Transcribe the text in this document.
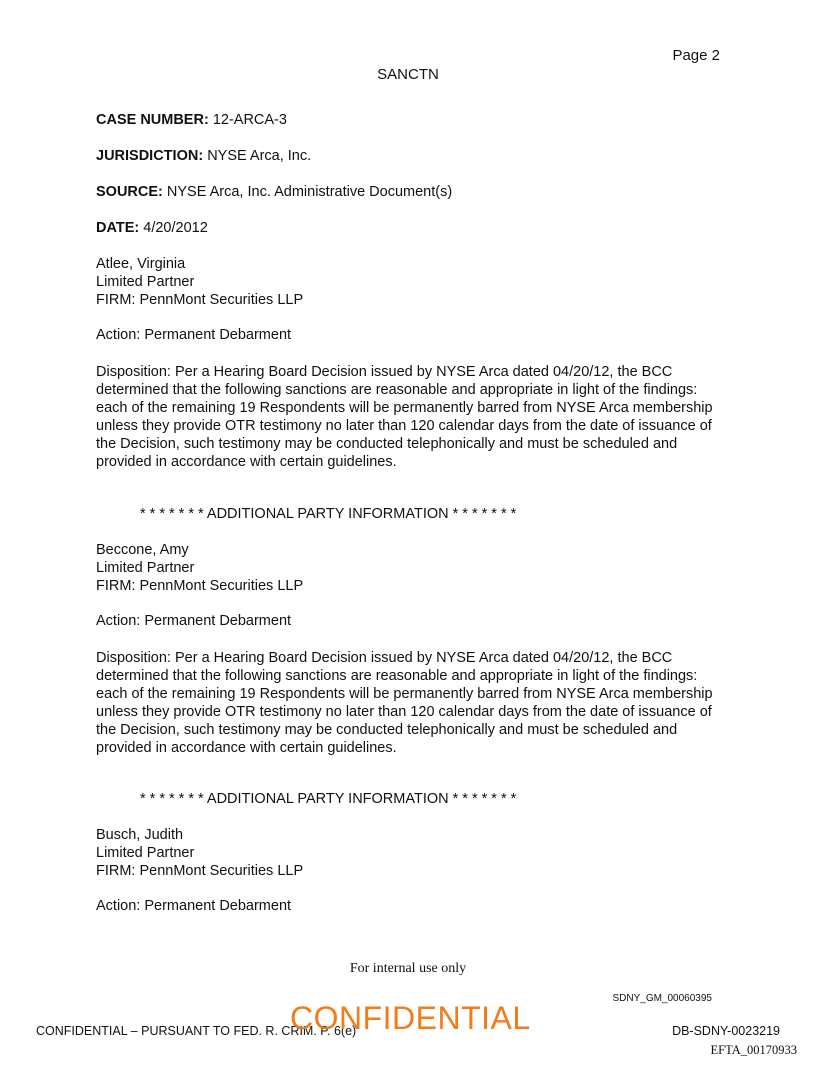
Page 2
SANCTN
CASE NUMBER: 12-ARCA-3
JURISDICTION: NYSE Arca, Inc.
SOURCE: NYSE Arca, Inc. Administrative Document(s)
DATE: 4/20/2012
Atlee, Virginia
Limited Partner
FIRM: PennMont Securities LLP
Action: Permanent Debarment
Disposition: Per a Hearing Board Decision issued by NYSE Arca dated 04/20/12, the BCC determined that the following sanctions are reasonable and appropriate in light of the findings: each of the remaining 19 Respondents will be permanently barred from NYSE Arca membership unless they provide OTR testimony no later than 120 calendar days from the date of issuance of the Decision, such testimony may be conducted telephonically and must be scheduled and provided in accordance with certain guidelines.
* * * * * * * ADDITIONAL PARTY INFORMATION * * * * * * *
Beccone, Amy
Limited Partner
FIRM: PennMont Securities LLP
Action: Permanent Debarment
Disposition: Per a Hearing Board Decision issued by NYSE Arca dated 04/20/12, the BCC determined that the following sanctions are reasonable and appropriate in light of the findings: each of the remaining 19 Respondents will be permanently barred from NYSE Arca membership unless they provide OTR testimony no later than 120 calendar days from the date of issuance of the Decision, such testimony may be conducted telephonically and must be scheduled and provided in accordance with certain guidelines.
* * * * * * * ADDITIONAL PARTY INFORMATION * * * * * * *
Busch, Judith
Limited Partner
FIRM: PennMont Securities LLP
Action: Permanent Debarment
For internal use only
SDNY_GM_00060395
CONFIDENTIAL – PURSUANT TO FED. R. CRIM. P. 6(e)
CONFIDENTIAL	DB-SDNY-0023219
EFTA_00170933
